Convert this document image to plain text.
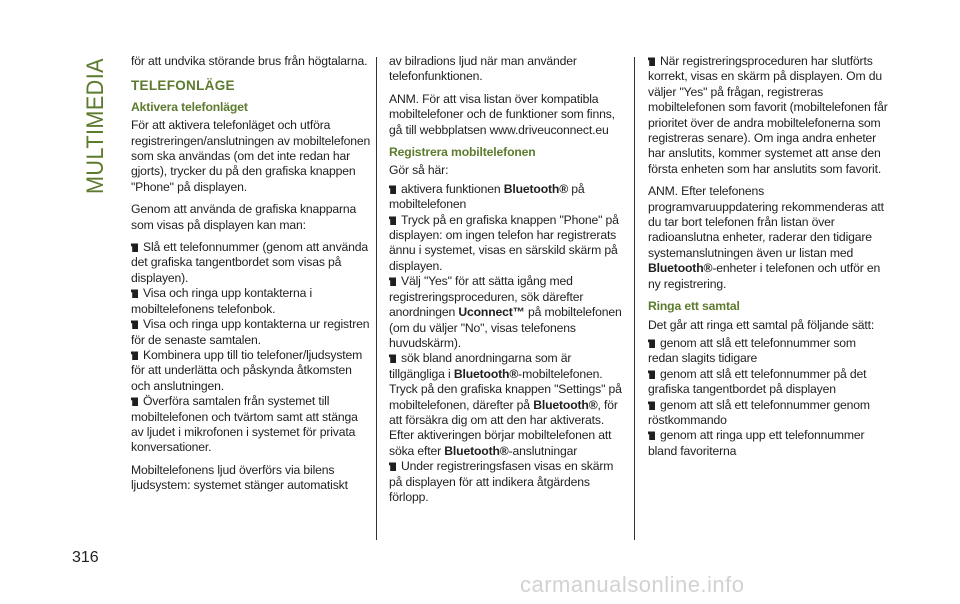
MULTIMEDIA för att undvika störande brus från högtalarna.

TELEFONLÄGE
Aktivera telefonläget

För att aktivera telefonläget och utföra registreringen/anslutningen av mobiltelefonen som ska användas (om det inte redan har gjorts), trycker du på den grafiska knappen "Phone" på displayen.

Genom att använda de grafiska knapparna som visas på displayen kan man:

Slå ett telefonnummer (genom att använda det grafiska tangentbordet som visas på displayen).
Visa och ringa upp kontakterna i mobiltelefonens telefonbok.
Visa och ringa upp kontakterna ur registren för de senaste samtalen.
Kombinera upp till tio telefoner/ljudsystem för att underlätta och påskynda åtkomsten och anslutningen.
Överföra samtalen från systemet till mobiltelefonen och tvärtom samt att stänga av ljudet i mikrofonen i systemet för privata konversationer.

Mobiltelefonens ljud överförs via bilens ljudsystem: systemet stänger automatiskt

av bilradions ljud när man använder telefonfunktionen.

ANM. För att visa listan över kompatibla mobiltelefoner och de funktioner som finns, gå till webbplatsen www.driveuconnect.eu

Registrera mobiltelefonen

Gör så här:

aktivera funktionen Bluetooth® på mobiltelefonen
Tryck på en grafiska knappen "Phone" på displayen: om ingen telefon har registrerats ännu i systemet, visas en särskild skärm på displayen.
Välj "Yes" för att sätta igång med registreringsproceduren, sök därefter anordningen Uconnect™ på mobiltelefonen (om du väljer "No", visas telefonens huvudskärm).
sök bland anordningarna som är tillgängliga i Bluetooth®-mobiltelefonen. Tryck på den grafiska knappen "Settings" på mobiltelefonen, därefter på Bluetooth®, för att försäkra dig om att den har aktiverats.
Efter aktiveringen börjar mobiltelefonen att söka efter Bluetooth®-anslutningar
Under registreringsfasen visas en skärm på displayen för att indikera åtgärdens förlopp.
När registreringsproceduren har slutförts korrekt, visas en skärm på displayen. Om du väljer "Yes" på frågan, registreras mobiltelefonen som favorit (mobiltelefonen får prioritet över de andra mobiltelefonerna som registreras senare). Om inga andra enheter har anslutits, kommer systemet att anse den första enheten som har anslutits som favorit.

ANM. Efter telefonens programvaruuppdatering rekommenderas att du tar bort telefonen från listan över radioanslutna enheter, raderar den tidigare systemanslutningen även ur listan med Bluetooth®-enheter i telefonen och utför en ny registrering.

Ringa ett samtal

Det går att ringa ett samtal på följande sätt:

genom att slå ett telefonnummer som redan slagits tidigare
genom att slå ett telefonnummer på det grafiska tangentbordet på displayen
genom att slå ett telefonnummer genom röstkommando
genom att ringa upp ett telefonnummer bland favoriterna
316
carmanualsonline.info
